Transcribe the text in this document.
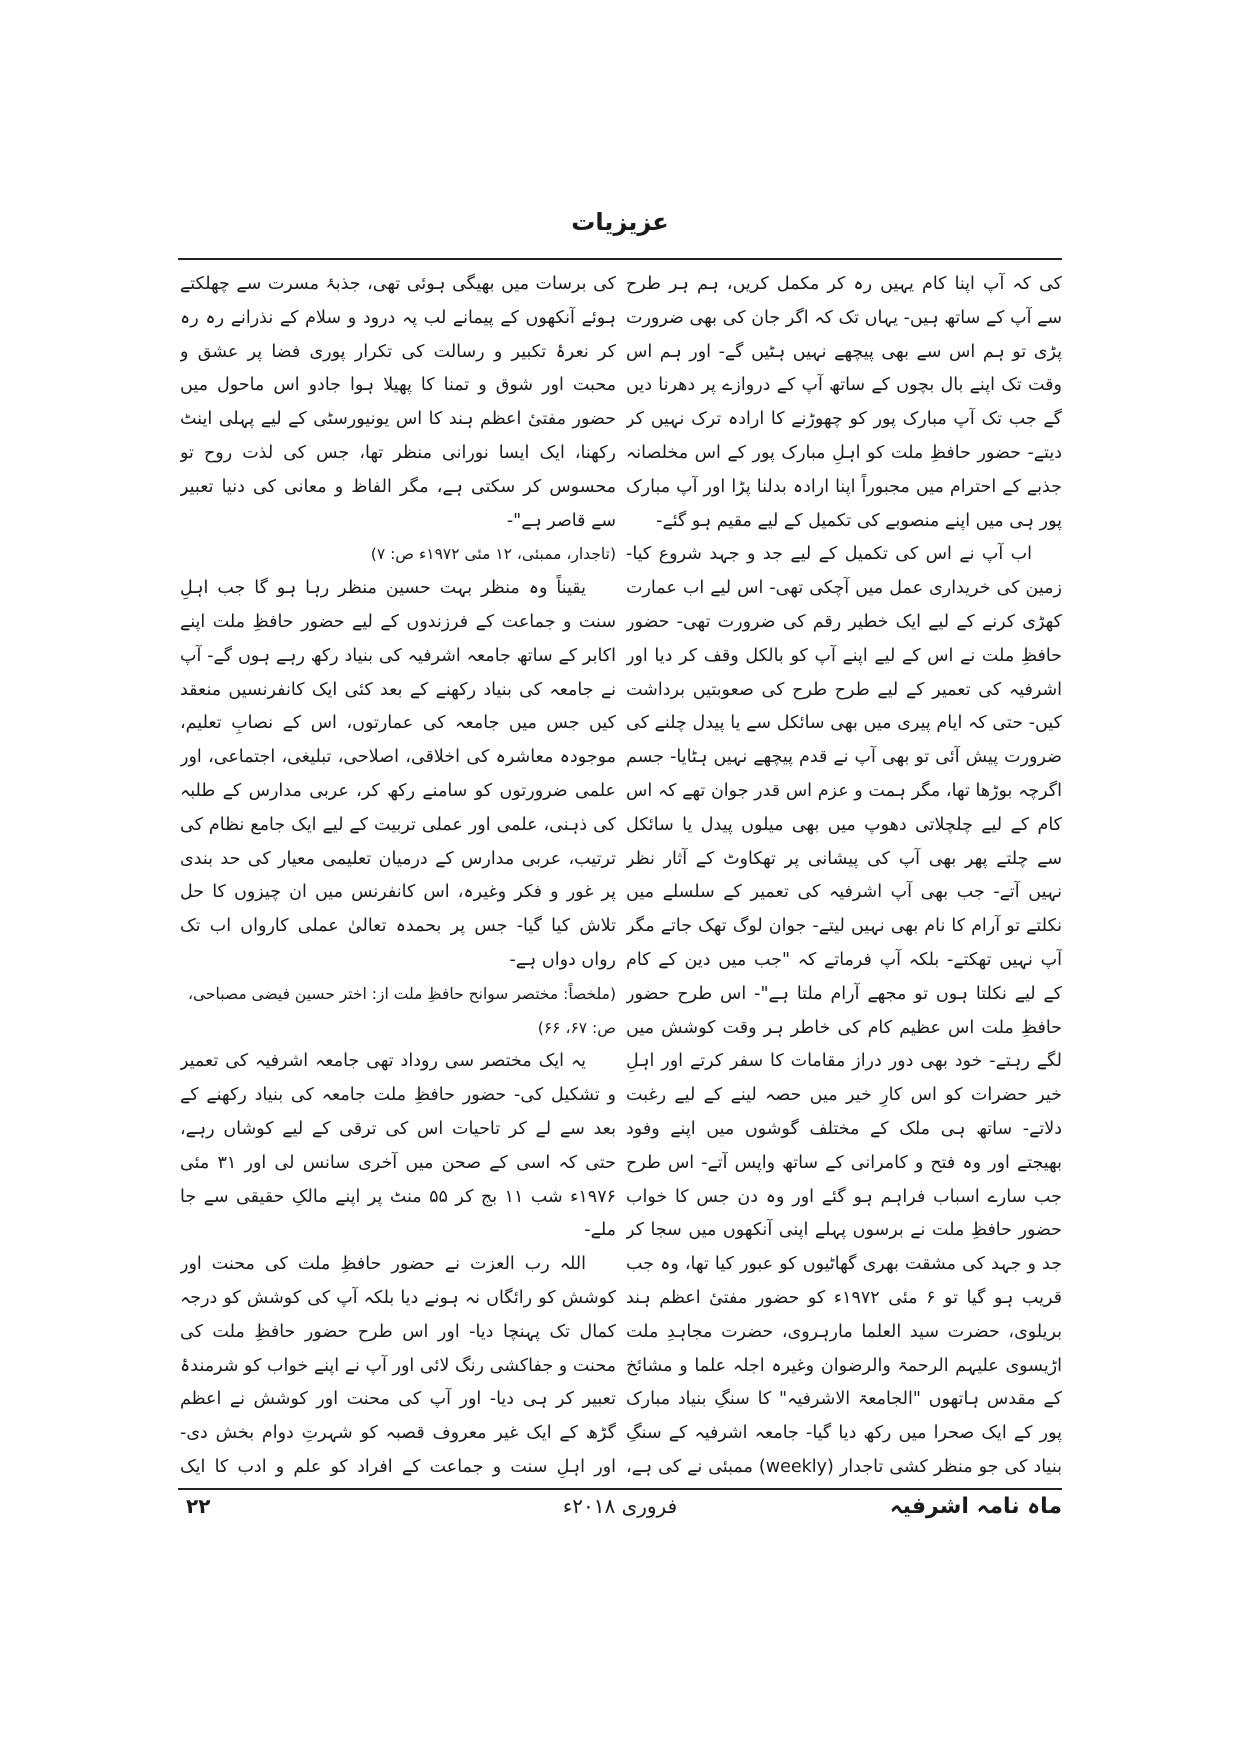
عزیزیات

کی کہ آپ اپنا کام یہیں رہ کر مکمل کریں، ہم ہر طرح سے آپ کے ساتھ ہیں- یہاں تک کہ اگر جان کی بھی ضرورت پڑی تو ہم اس سے بھی پیچھے نہیں ہٹیں گے- اور ہم اس وقت تک اپنے بال بچوں کے ساتھ آپ کے دروازے پر دھرنا دیں گے جب تک آپ مبارک پور کو چھوڑنے کا ارادہ ترک نہیں کر دیتے- حضور حافظِ ملت کو اہلِ مبارک پور کے اس مخلصانہ جذبے کے احترام میں مجبوراً اپنا ارادہ بدلنا پڑا اور آپ مبارک پور ہی میں اپنے منصوبے کی تکمیل کے لیے مقیم ہو گئے-

اب آپ نے اس کی تکمیل کے لیے جد و جہد شروع کیا- زمین کی خریداری عمل میں آچکی تھی- اس لیے اب عمارت کھڑی کرنے کے لیے ایک خطیر رقم کی ضرورت تھی- حضور حافظِ ملت نے اس کے لیے اپنے آپ کو بالکل وقف کر دیا اور اشرفیہ کی تعمیر کے لیے طرح طرح کی صعوبتیں برداشت کیں- حتی کہ ایام پیری میں بھی سائکل سے یا پیدل چلنے کی ضرورت پیش آئی تو بھی آپ نے قدم پیچھے نہیں ہٹایا- جسم اگرچہ بوڑھا تھا، مگر ہمت و عزم اس قدر جوان تھے کہ اس کام کے لیے چلچلاتی دھوپ میں بھی میلوں پیدل یا سائکل سے چلتے پھر بھی آپ کی پیشانی پر تھکاوٹ کے آثار نظر نہیں آتے- جب بھی آپ اشرفیہ کی تعمیر کے سلسلے میں نکلتے تو آرام کا نام بھی نہیں لیتے- جوان لوگ تھک جاتے مگر آپ نہیں تھکتے- بلکہ آپ فرماتے کہ "جب میں دین کے کام کے لیے نکلتا ہوں تو مجھے آرام ملتا ہے"- اس طرح حضور حافظِ ملت اس عظیم کام کی خاطر ہر وقت کوشش میں لگے رہتے- خود بھی دور دراز مقامات کا سفر کرتے اور اہلِ خیر حضرات کو اس کارِ خیر میں حصہ لینے کے لیے رغبت دلاتے- ساتھ ہی ملک کے مختلف گوشوں میں اپنے وفود بھیجتے اور وہ فتح و کامرانی کے ساتھ واپس آتے- اس طرح جب سارے اسباب فراہم ہو گئے اور وہ دن جس کا خواب حضور حافظِ ملت نے برسوں پہلے اپنی آنکھوں میں سجا کر جد و جہد کی مشقت بھری گھاٹیوں کو عبور کیا تھا، وہ جب قریب ہو گیا تو ۶ مئی ۱۹۷۲ء کو حضور مفتیٔ اعظم ہند بریلوی، حضرت سید العلما مارہروی، حضرت مجاہدِ ملت اڑیسوی علیہم الرحمۃ والرضوان وغیرہ اجلہ علما و مشائخ کے مقدس ہاتھوں "الجامعۃ الاشرفیہ" کا سنگِ بنیاد مبارک پور کے ایک صحرا میں رکھ دیا گیا- جامعہ اشرفیہ کے سنگِ بنیاد کی جو منظر کشی تاجدار (weekly) ممبئی نے کی ہے،

کی برسات میں بھیگی ہوئی تھی، جذبۂ مسرت سے چھلکتے ہوئے آنکھوں کے پیمانے لب پہ درود و سلام کے نذرانے رہ رہ کر نعرۂ تکبیر و رسالت کی تکرار پوری فضا پر عشق و محبت اور شوق و تمنا کا پھیلا ہوا جادو اس ماحول میں حضور مفتیٔ اعظم ہند کا اس یونیورسٹی کے لیے پہلی اینٹ رکھنا، ایک ایسا نورانی منظر تھا، جس کی لذت روح تو محسوس کر سکتی ہے، مگر الفاظ و معانی کی دنیا تعبیر سے قاصر ہے"-

(تاجدار، ممبئی، ۱۲ مئی ۱۹۷۲ء ص: ۷)

یقیناً وہ منظر بہت حسین منظر رہا ہو گا جب اہلِ سنت و جماعت کے فرزندوں کے لیے حضور حافظِ ملت اپنے اکابر کے ساتھ جامعہ اشرفیہ کی بنیاد رکھ رہے ہوں گے- آپ نے جامعہ کی بنیاد رکھنے کے بعد کئی ایک کانفرنسیں منعقد کیں جس میں جامعہ کی عمارتوں، اس کے نصابِ تعلیم، موجودہ معاشرہ کی اخلاقی، اصلاحی، تبلیغی، اجتماعی، اور علمی ضرورتوں کو سامنے رکھ کر، عربی مدارس کے طلبہ کی ذہنی، علمی اور عملی تربیت کے لیے ایک جامع نظام کی ترتیب، عربی مدارس کے درمیان تعلیمی معیار کی حد بندی پر غور و فکر وغیرہ، اس کانفرنس میں ان چیزوں کا حل تلاش کیا گیا- جس پر بحمدہ تعالیٰ عملی کارواں اب تک رواں دواں ہے-

(ملخصاً: مختصر سوانح حافظِ ملت از: اختر حسین فیضی مصباحی، ص: ۶۷، ۶۶)

یہ ایک مختصر سی روداد تھی جامعہ اشرفیہ کی تعمیر و تشکیل کی- حضور حافظِ ملت جامعہ کی بنیاد رکھنے کے بعد سے لے کر تاحیات اس کی ترقی کے لیے کوشاں رہے، حتی کہ اسی کے صحن میں آخری سانس لی اور ۳۱ مئی ۱۹۷۶ء شب ۱۱ بج کر ۵۵ منٹ پر اپنے مالکِ حقیقی سے جا ملے-

اللہ رب العزت نے حضور حافظِ ملت کی محنت اور کوشش کو رائگاں نہ ہونے دیا بلکہ آپ کی کوشش کو درجہ کمال تک پہنچا دیا- اور اس طرح حضور حافظِ ملت کی محنت و جفاکشی رنگ لائی اور آپ نے اپنے خواب کو شرمندۂ تعبیر کر ہی دیا- اور آپ کی محنت اور کوشش نے اعظم گڑھ کے ایک غیر معروف قصبہ کو شہرتِ دوام بخش دی- اور اہلِ سنت و جماعت کے افراد کو علم و ادب کا ایک

ماہ نامہ اشرفیہ
فروری ۲۰۱۸ء
۲۲
